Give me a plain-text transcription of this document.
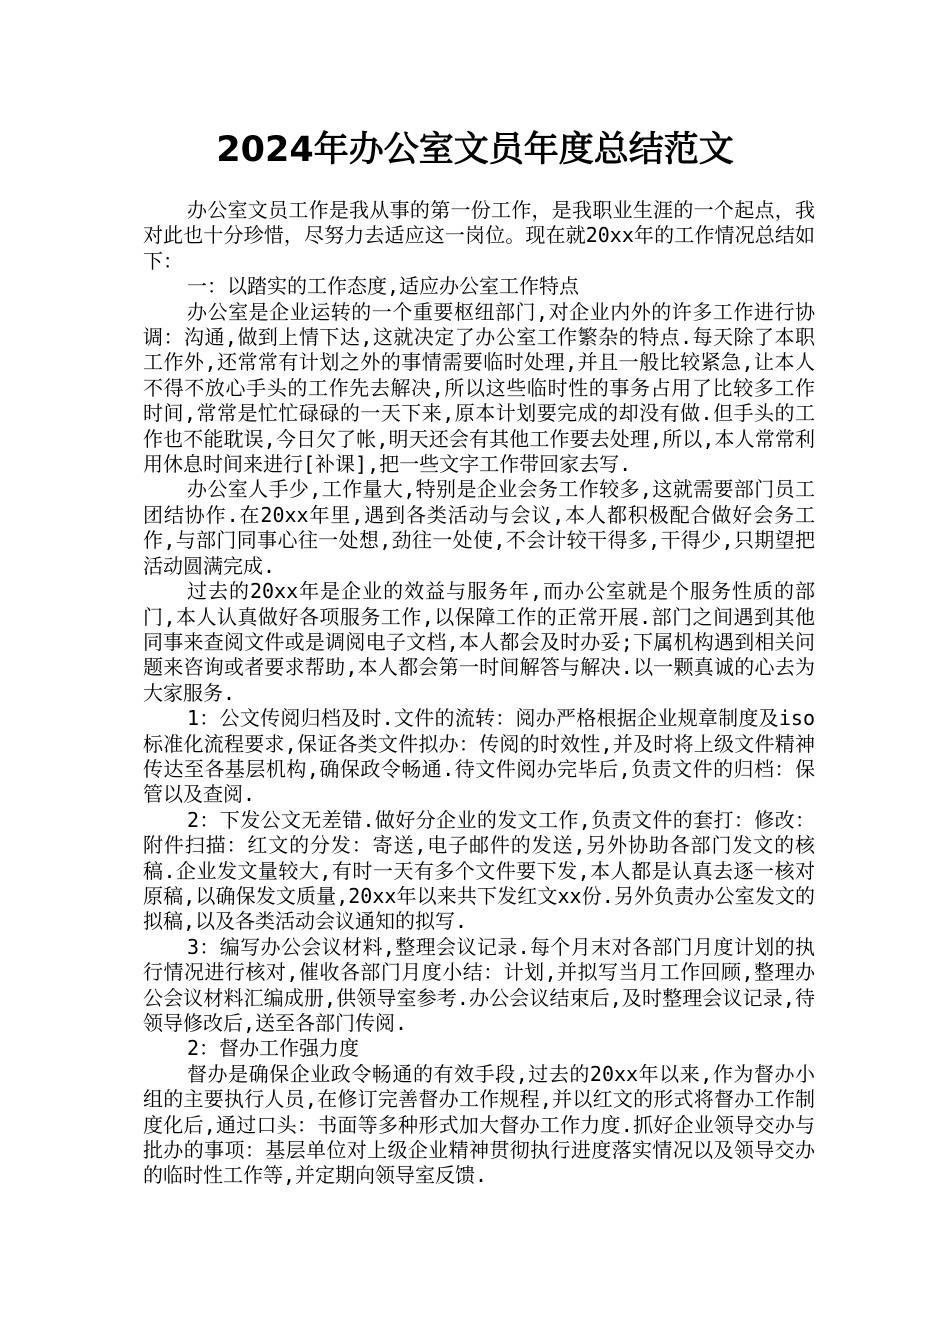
2024年办公室文员年度总结范文

办公室文员工作是我从事的第一份工作，是我职业生涯的一个起点，我对此也十分珍惜，尽努力去适应这一岗位。现在就20xx年的工作情况总结如下：

一：以踏实的工作态度,适应办公室工作特点

办公室是企业运转的一个重要枢纽部门,对企业内外的许多工作进行协调：沟通,做到上情下达,这就决定了办公室工作繁杂的特点.每天除了本职工作外,还常常有计划之外的事情需要临时处理,并且一般比较紧急,让本人不得不放心手头的工作先去解决,所以这些临时性的事务占用了比较多工作时间,常常是忙忙碌碌的一天下来,原本计划要完成的却没有做.但手头的工作也不能耽误,今日欠了帐,明天还会有其他工作要去处理,所以,本人常常利用休息时间来进行[补课],把一些文字工作带回家去写.

办公室人手少,工作量大,特别是企业会务工作较多,这就需要部门员工团结协作.在20xx年里,遇到各类活动与会议,本人都积极配合做好会务工作,与部门同事心往一处想,劲往一处使,不会计较干得多,干得少,只期望把活动圆满完成.

过去的20xx年是企业的效益与服务年,而办公室就是个服务性质的部门,本人认真做好各项服务工作,以保障工作的正常开展.部门之间遇到其他同事来查阅文件或是调阅电子文档,本人都会及时办妥;下属机构遇到相关问题来咨询或者要求帮助,本人都会第一时间解答与解决.以一颗真诚的心去为大家服务.

1：公文传阅归档及时.文件的流转：阅办严格根据企业规章制度及iso标准化流程要求,保证各类文件拟办：传阅的时效性,并及时将上级文件精神传达至各基层机构,确保政令畅通.待文件阅办完毕后,负责文件的归档：保管以及查阅.

2：下发公文无差错.做好分企业的发文工作,负责文件的套打：修改：附件扫描：红文的分发：寄送,电子邮件的发送,另外协助各部门发文的核稿.企业发文量较大,有时一天有多个文件要下发,本人都是认真去逐一核对原稿,以确保发文质量,20xx年以来共下发红文xx份.另外负责办公室发文的拟稿,以及各类活动会议通知的拟写.

3：编写办公会议材料,整理会议记录.每个月末对各部门月度计划的执行情况进行核对,催收各部门月度小结：计划,并拟写当月工作回顾,整理办公会议材料汇编成册,供领导室参考.办公会议结束后,及时整理会议记录,待领导修改后,送至各部门传阅.

2：督办工作强力度

督办是确保企业政令畅通的有效手段,过去的20xx年以来,作为督办小组的主要执行人员,在修订完善督办工作规程,并以红文的形式将督办工作制度化后,通过口头：书面等多种形式加大督办工作力度.抓好企业领导交办与批办的事项：基层单位对上级企业精神贯彻执行进度落实情况以及领导交办的临时性工作等,并定期向领导室反馈.
